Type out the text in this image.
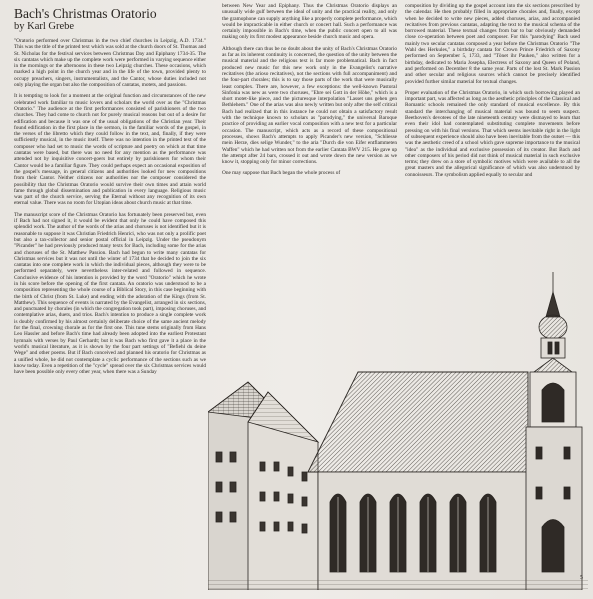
Bach's Christmas Oratorio
by Karl Grebe

"Oratorio performed over Christmas in the two chief churches in Leipzig, A.D. 1734." This was the title of the printed text which was sold at the church doors of St. Thomas and St. Nicholas for the festival services between Christmas Day and Epiphany 1734-35. The six cantatas which make up the complete work were performed in varying sequence either in the mornings or the afternoons in these two Leipzig churches. These occasions, which marked a high point in the church year and in the life of the town, provided plenty to occupy preachers, singers, instrumentalists, and the Cantor, whose duties included not only playing the organ but also the composition of cantatas, motets, and passions.

It is tempting to look for a moment at the original function and circumstances of the new celebrated work familiar to music lovers and scholars the world over as the "Christmas Oratorio." The audience at the first performances consisted of parishioners of the two churches. They had come to church not for purely musical reasons but out of a desire for edification and because it was one of the usual obligations of the Christian year. Their found edification in the first place in the sermon, in the familiar words of the gospel, in the verses of the libretto which they could follow in the text, and, finally, if they were sufficiently musical, in the music itself. There was no intention in the printed text of the composer who had set to music the words of scripture and poetry on which at that time cantatas were based, but there was no need for any mention as the performance was attended not by inquisitive concert-goers but entirely by parishioners for whom their Cantor would be a familiar figure. They could perhaps expect an occasional exposition of the gospel's message, in general citizens and authorities looked for new compositions from their Cantor. Neither citizens nor authorities nor the composer considered the possibility that the Christmas Oratorio would survive their own times and attain world fame through global dissemination and publication in every language. Religious music was part of the church service, serving the Eternal without any recognition of its own eternal value. There was no room for Utopian ideas about church music at that time.

The manuscript score of the Christmas Oratorio has fortunately been preserved but, even if Bach had not signed it, it would be evident that only he could have composed this splendid work. The author of the words of the arias and choruses is not identified but it is reasonable to suppose it was Christian Friedrich Henrici, who was not only a prolific poet but also a tax-collector and senior postal official in Leipzig. Under the pseudonym "Picander" he had previously produced many texts for Bach, including some for the arias and choruses of the St. Matthew Passion. Bach had begun to write many cantatas for Christmas services but it was not until the winter of 1734 that he decided to join the six cantatas into one complete work in which the individual pieces, although they were to be performed separately, were nevertheless inter-related and followed in sequence. Conclusive evidence of his intention is provided by the word "Oratorio" which he wrote in his score before the opening of the first cantata. An oratorio was understood to be a composition representing the whole course of a Biblical Story, in this case beginning with the birth of Christ (from St. Luke) and ending with the adoration of the Kings (from St. Matthew). This sequence of events is narrated by the Evangelist, arranged in six sections, and punctuated by chorales (in which the congregation took part), imposing choruses, and contemplative arias, duets, and trios. Bach's intention to produce a single complete work is doubly confirmed by his almost certainly deliberate choice of the same ancient melody for the final, crowning chorale as for the first one. This tune stems originally from Hans Leo Hassler and before Bach's time had already been adopted into the earliest Protestant hymnals with verses by Paul Gerhardt; but it was Bach who first gave it a place in the world's musical literature, as it is shown by the four part settings of "Befiehl du deine Wege" and other poems. But if Bach conceived and planned his oratorio for Christmas as a unified whole, he did not contemplate a cyclic performance of the sections such as we know today. Even a repetition of the "cycle" spread over the six Christmas services would have been possible only every other year, when there was a Sunday

between New Year and Epiphany. Thus the Christmas Oratorio displays an unusually wide gulf between the ideal of unity and the practical reality, and only the gramophone can supply anything like a properly complete performance, which would be impracticable in either church or concert hall. Such a performance was certainly impossible in Bach's time, when the public concert open to all was making only its first modest appearance beside church music and opera.

Although there can thus be no doubt about the unity of Bach's Christmas Oratorio as far as its inherent continuity is concerned, the question of the unity between the musical material and the religious text is far more problematical. Bach in fact produced new music for this new work only in the Evangelist's narrative recitatives (the arioso recitatives), not the sections with full accompaniment) and the four-part chorales; this is to say those parts of the work that were musically least complex. There are, however, a few exceptions: the well-known Pastoral Sinfonia was new as were two choruses, "Ehre sei Gott in der Höhe," which is a short motet-like piece, and the picturesque interpolation "Lasset uns gehen gen Bethlehem." One of the arias was also newly written but only after the self critical Bach had realized that in this instance he could not obtain a satisfactory result with the technique known to scholars as "parodying," the universal Baroque practice of providing an earlier vocal composition with a new text for a particular occasion. The manuscript, which acts as a record of these compositional processes, shows Bach's attempts to apply Picander's new version, "Schliesse mein Herze, dies selige Wunder," to the aria "Durch die von Eifer entflammeten Waffen" which he had written not from the earlier Cantata BWV 215. He gave up the attempt after 24 bars, crossed it out and wrote down the new version as we know it, stopping only for minor corrections.

One may suppose that Bach began the whole process of

composition by dividing up the gospel account into the six sections prescribed by the calendar. He then probably filled in appropriate chorales and, finally, except when he decided to write new pieces, added choruses, arias, and accompanied recitatives from previous cantatas, adapting the text to the musical schema of the borrowed material. These textual changes from bar to bar obviously demanded close co-operation between poet and composer. For this "parodying" Bach used mainly two secular cantatas composed a year before the Christmas Oratorio "The Wahl des Herkules," a birthday cantata for Crown Prince Friedrich of Saxony performed on September 5, 1733, and "Tönet ihr Pauken," also written for a birthday, dedicated to Maria Josepha, Electress of Saxony and Queen of Poland, and performed on December 8 the same year. Parts of the lost St. Mark Passion and other secular and religious sources which cannot be precisely identified provided further similar material for textual changes.

Proper evaluation of the Christmas Oratorio, in which such borrowing played an important part, was affected as long as the aesthetic principles of the Classical and Romantic schools remained the only standard of musical excellence. By this standard the interchanging of musical material was bound to seem suspect. Beethoven's devotees of the late nineteenth century were dismayed to learn that even their idol had contemplated substituting complete movements before pressing on with his final versions. That which seems inevitable right in the light of subsequent experience should also have been inevitable from the outset — this was the aesthetic creed of a school which gave supreme importance to the musical "idea" as the individual and exclusive possession of its creator. But Bach and other composers of his period did not think of musical material in such exclusive terms; they drew on a store of symbolic motives which were available to all the great masters and the allegorical significance of which was also understood by connoisseurs. The symbolism applied equally to secular and

5
